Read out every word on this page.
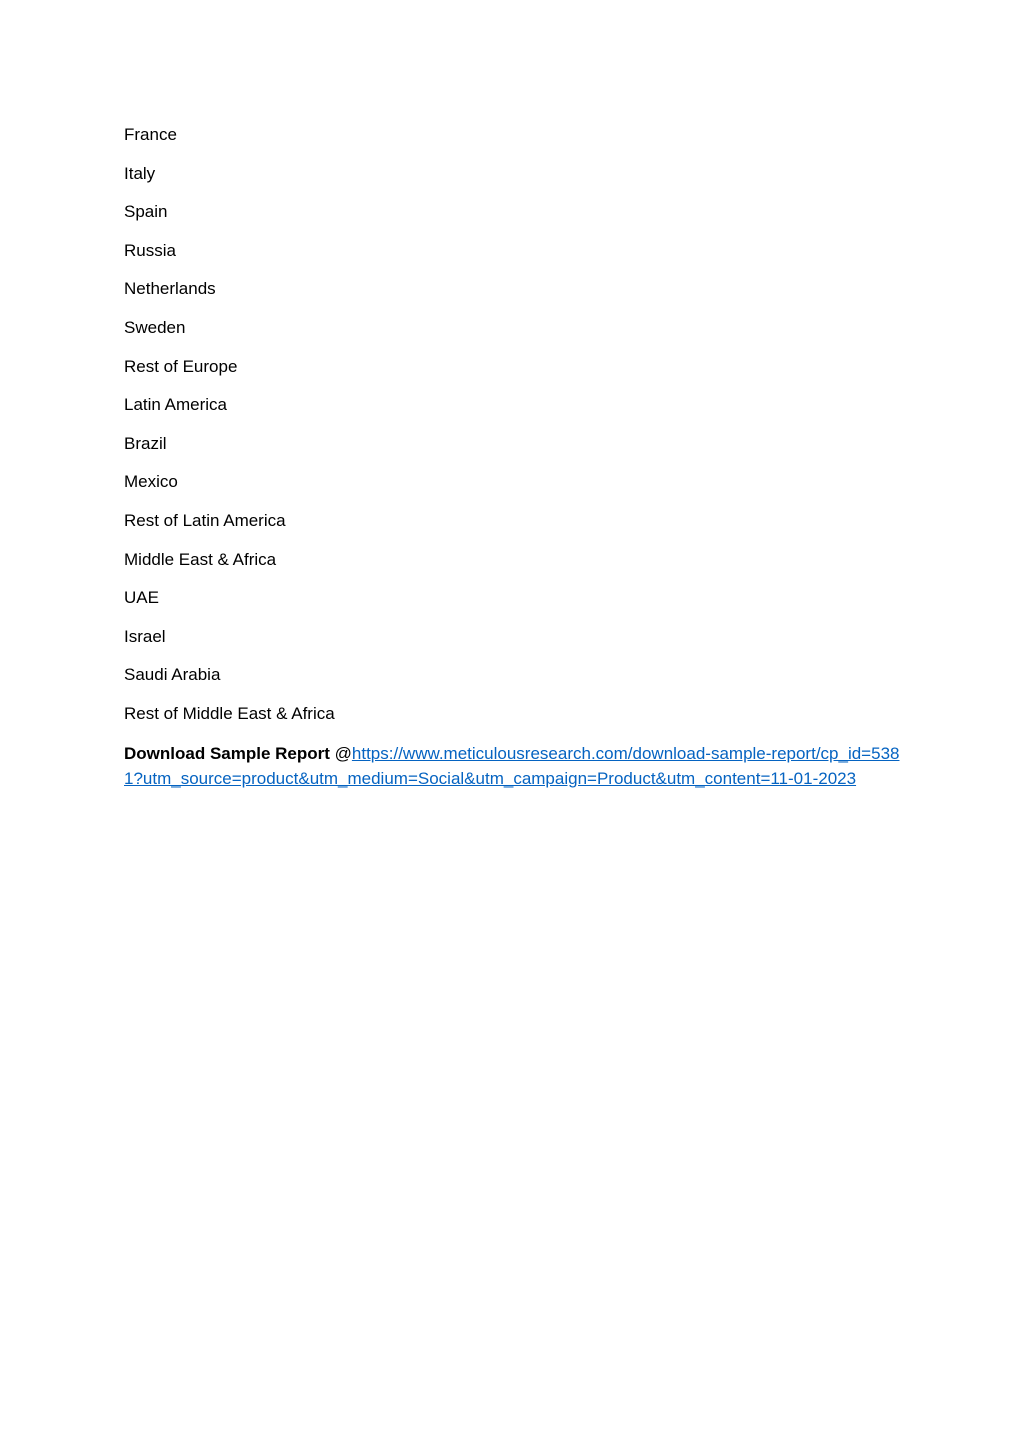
France
Italy
Spain
Russia
Netherlands
Sweden
Rest of Europe
Latin America
Brazil
Mexico
Rest of Latin America
Middle East & Africa
UAE
Israel
Saudi Arabia
Rest of Middle East & Africa
Download Sample Report @https://www.meticulousresearch.com/download-sample-report/cp_id=5381?utm_source=product&utm_medium=Social&utm_campaign=Product&utm_content=11-01-2023
